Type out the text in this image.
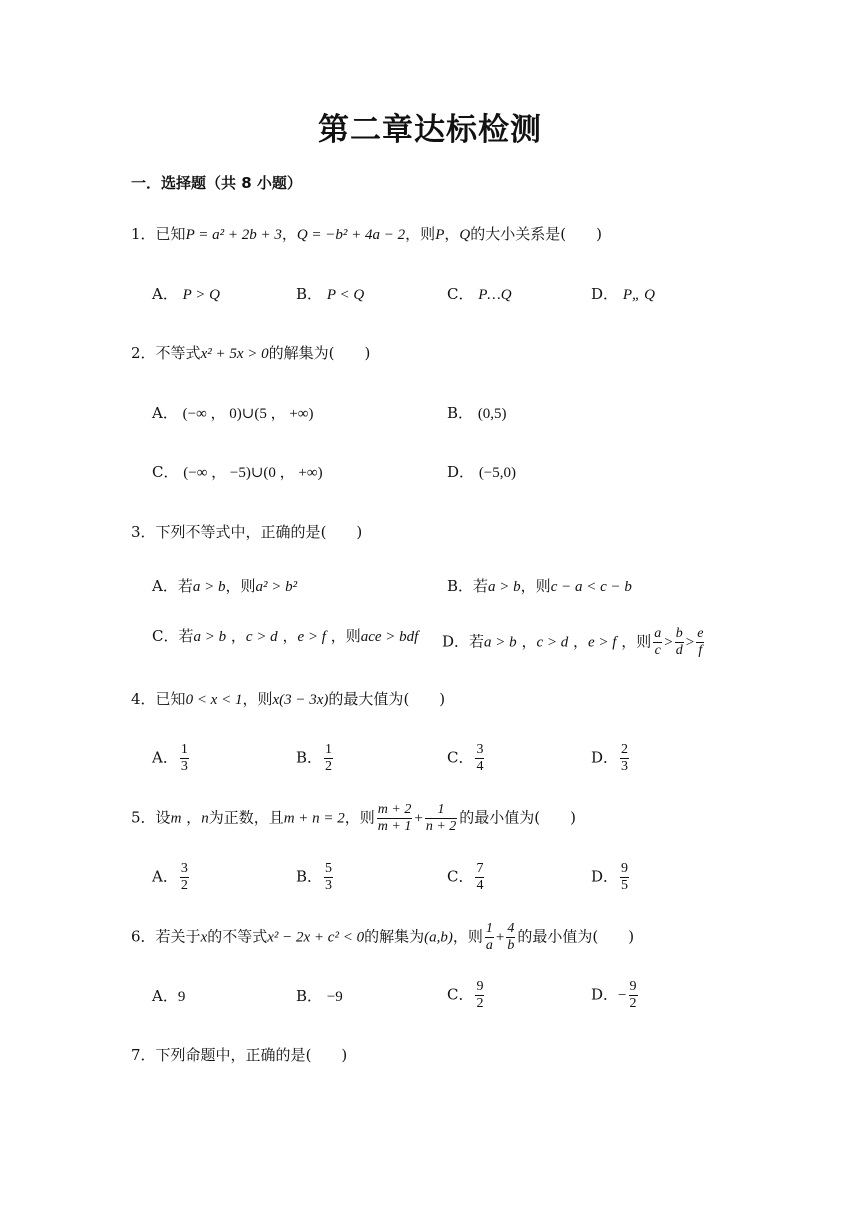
第二章达标检测
一．选择题（共 8 小题）
1．已知P = a² + 2b + 3，Q = −b² + 4a − 2，则P，Q的大小关系是(　　)
A． P > Q	B． P < Q	C． P…Q	D． P„ Q
2．不等式x² + 5x > 0的解集为(　　)
A． (−∞ ， 0)∪(5 ， +∞)	B． (0,5)
C． (−∞ ， −5)∪(0 ， +∞)	D． (−5,0)
3．下列不等式中，正确的是(　　)
A．若a > b，则a² > b²	B．若a > b，则c − a < c − b
C．若a > b ，c > d ，e > f ，则ace > bdf D．若a > b ，c > d ，e > f ，则 $\frac{a}{c} > \frac{b}{d} > \frac{e}{f}$
4．已知0 < x < 1，则x(3 − 3x)的最大值为(　　)
A． $\frac{1}{3}$	B． $\frac{1}{2}$	C． $\frac{3}{4}$	D． $\frac{2}{3}$
5．设m ，n为正数，且m + n = 2，则 $\frac{m + 2}{m + 1} + \frac{1}{n + 2}$ 的最小值为(　　)
A． $\frac{3}{2}$	B． $\frac{5}{3}$	C． $\frac{7}{4}$	D． $\frac{9}{5}$
6．若关于x的不等式x² − 2x + c² < 0的解集为(a,b)，则 $\frac{1}{a} + \frac{4}{b}$ 的最小值为(　　)
A．9	B． −9	C． $\frac{9}{2}$	D．− $\frac{9}{2}$
7．下列命题中，正确的是(　　)
